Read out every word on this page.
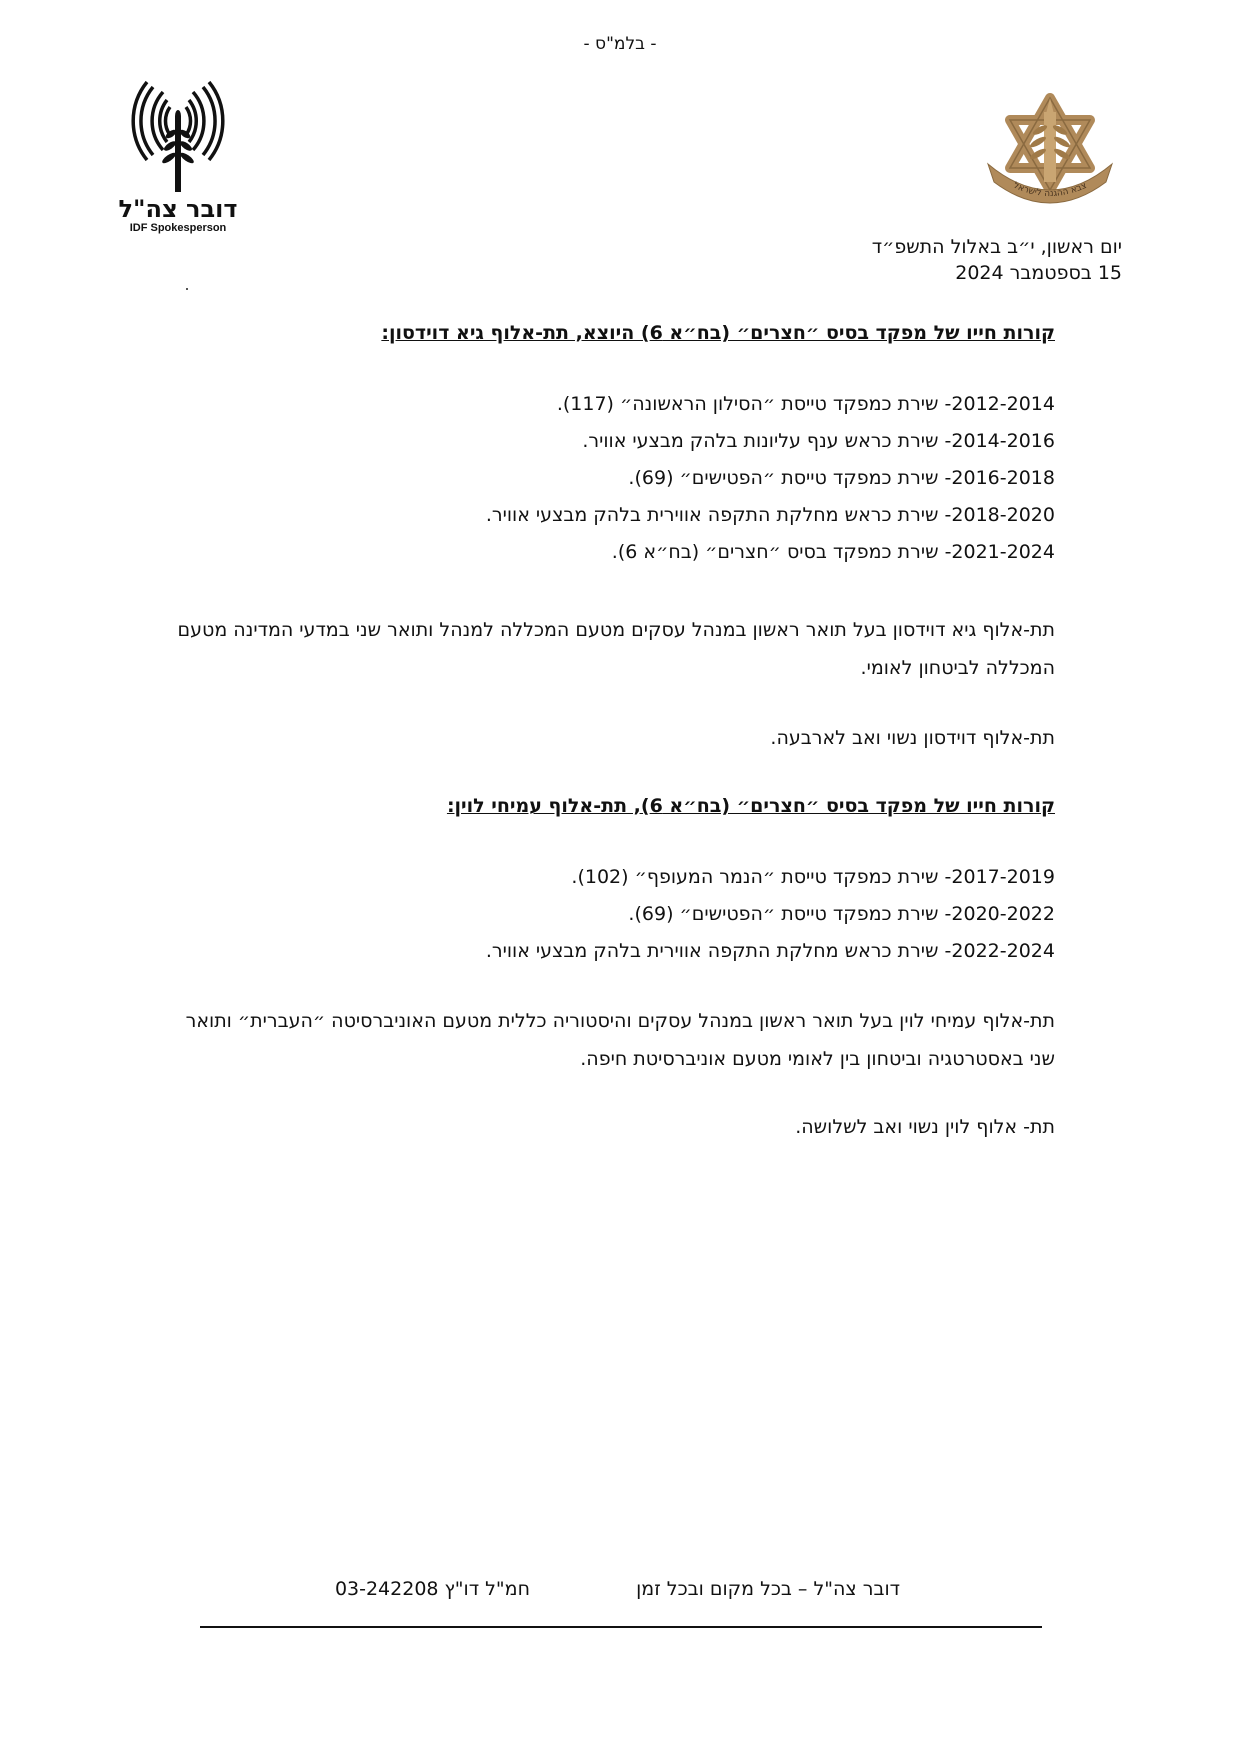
- בלמ"ס -
דובר צה"ל
IDF Spokesperson
צבא ההגנה לישראל
יום ראשון, י״ב באלול התשפ״ד
15 בספטמבר 2024

קורות חייו של מפקד בסיס ״חצרים״ (בח״א 6) היוצא, תת-אלוף גיא דוידסון:

2012-2014- שירת כמפקד טייסת ״הסילון הראשונה״ (117).
2014-2016- שירת כראש ענף עליונות בלהק מבצעי אוויר.
2016-2018- שירת כמפקד טייסת ״הפטישים״ (69).
2018-2020- שירת כראש מחלקת התקפה אווירית בלהק מבצעי אוויר.
2021-2024- שירת כמפקד בסיס ״חצרים״ (בח״א 6).

תת-אלוף גיא דוידסון בעל תואר ראשון במנהל עסקים מטעם המכללה למנהל ותואר שני במדעי המדינה מטעם המכללה לביטחון לאומי.

תת-אלוף דוידסון נשוי ואב לארבעה.

קורות חייו של מפקד בסיס ״חצרים״ (בח״א 6), תת-אלוף עמיחי לוין:

2017-2019- שירת כמפקד טייסת ״הנמר המעופף״ (102).
2020-2022- שירת כמפקד טייסת ״הפטישים״ (69).
2022-2024- שירת כראש מחלקת התקפה אווירית בלהק מבצעי אוויר.

תת-אלוף עמיחי לוין בעל תואר ראשון במנהל עסקים והיסטוריה כללית מטעם האוניברסיטה ״העברית״ ותואר שני באסטרטגיה וביטחון בין לאומי מטעם אוניברסיטת חיפה.

תת- אלוף לוין נשוי ואב לשלושה.

דובר צה"ל – בכל מקום ובכל זמן
חמ"ל דו"ץ 03-242208
